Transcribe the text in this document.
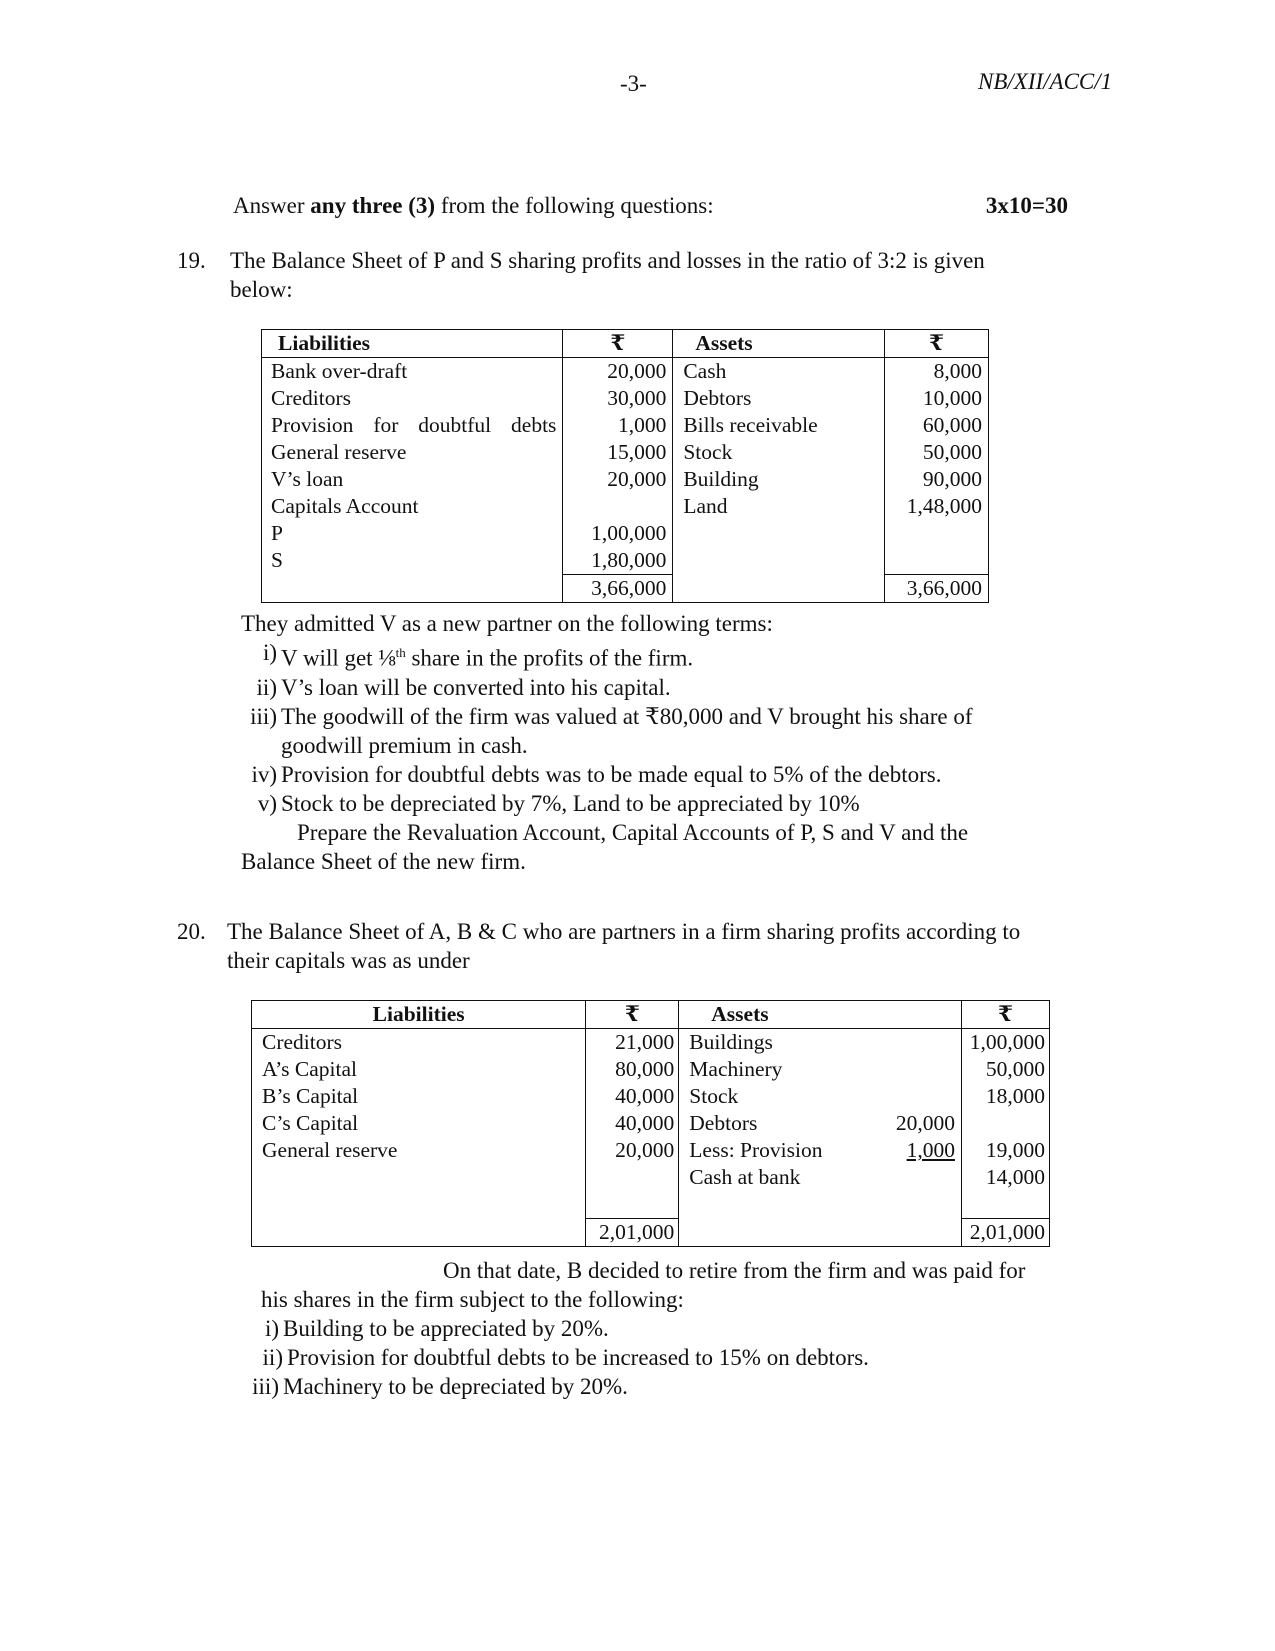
-3-	NB/XII/ACC/1
Answer any three (3) from the following questions:	3x10=30
19. The Balance Sheet of P and S sharing profits and losses in the ratio of 3:2 is given below:
Liabilities	₹	Assets	₹
Bank over-draft	20,000	Cash	8,000
Creditors	30,000	Debtors	10,000
Provision for doubtful debts	1,000	Bills receivable	60,000
General reserve	15,000	Stock	50,000
V’s loan	20,000	Building	90,000
Capitals Account		Land	1,48,000
P	1,00,000		
S	1,80,000		
	3,66,000		3,66,000
They admitted V as a new partner on the following terms:
i) V will get ⅛$^{th}$ share in the profits of the firm.
ii) V’s loan will be converted into his capital.
iii) The goodwill of the firm was valued at ₹80,000 and V brought his share of goodwill premium in cash.
iv) Provision for doubtful debts was to be made equal to 5% of the debtors.
v) Stock to be depreciated by 7%, Land to be appreciated by 10%
Prepare the Revaluation Account, Capital Accounts of P, S and V and the
Balance Sheet of the new firm.
20. The Balance Sheet of A, B & C who are partners in a firm sharing profits according to their capitals was as under
Liabilities	₹	Assets		₹
Creditors	21,000	Buildings		1,00,000
A’s Capital	80,000	Machinery		50,000
B’s Capital	40,000	Stock		18,000
C’s Capital	40,000	Debtors	20,000	
General reserve	20,000	Less: Provision	1,000	19,000
		Cash at bank		14,000

	2,01,000			2,01,000
On that date, B decided to retire from the firm and was paid for
his shares in the firm subject to the following:
i) Building to be appreciated by 20%.
ii) Provision for doubtful debts to be increased to 15% on debtors.
iii) Machinery to be depreciated by 20%.
